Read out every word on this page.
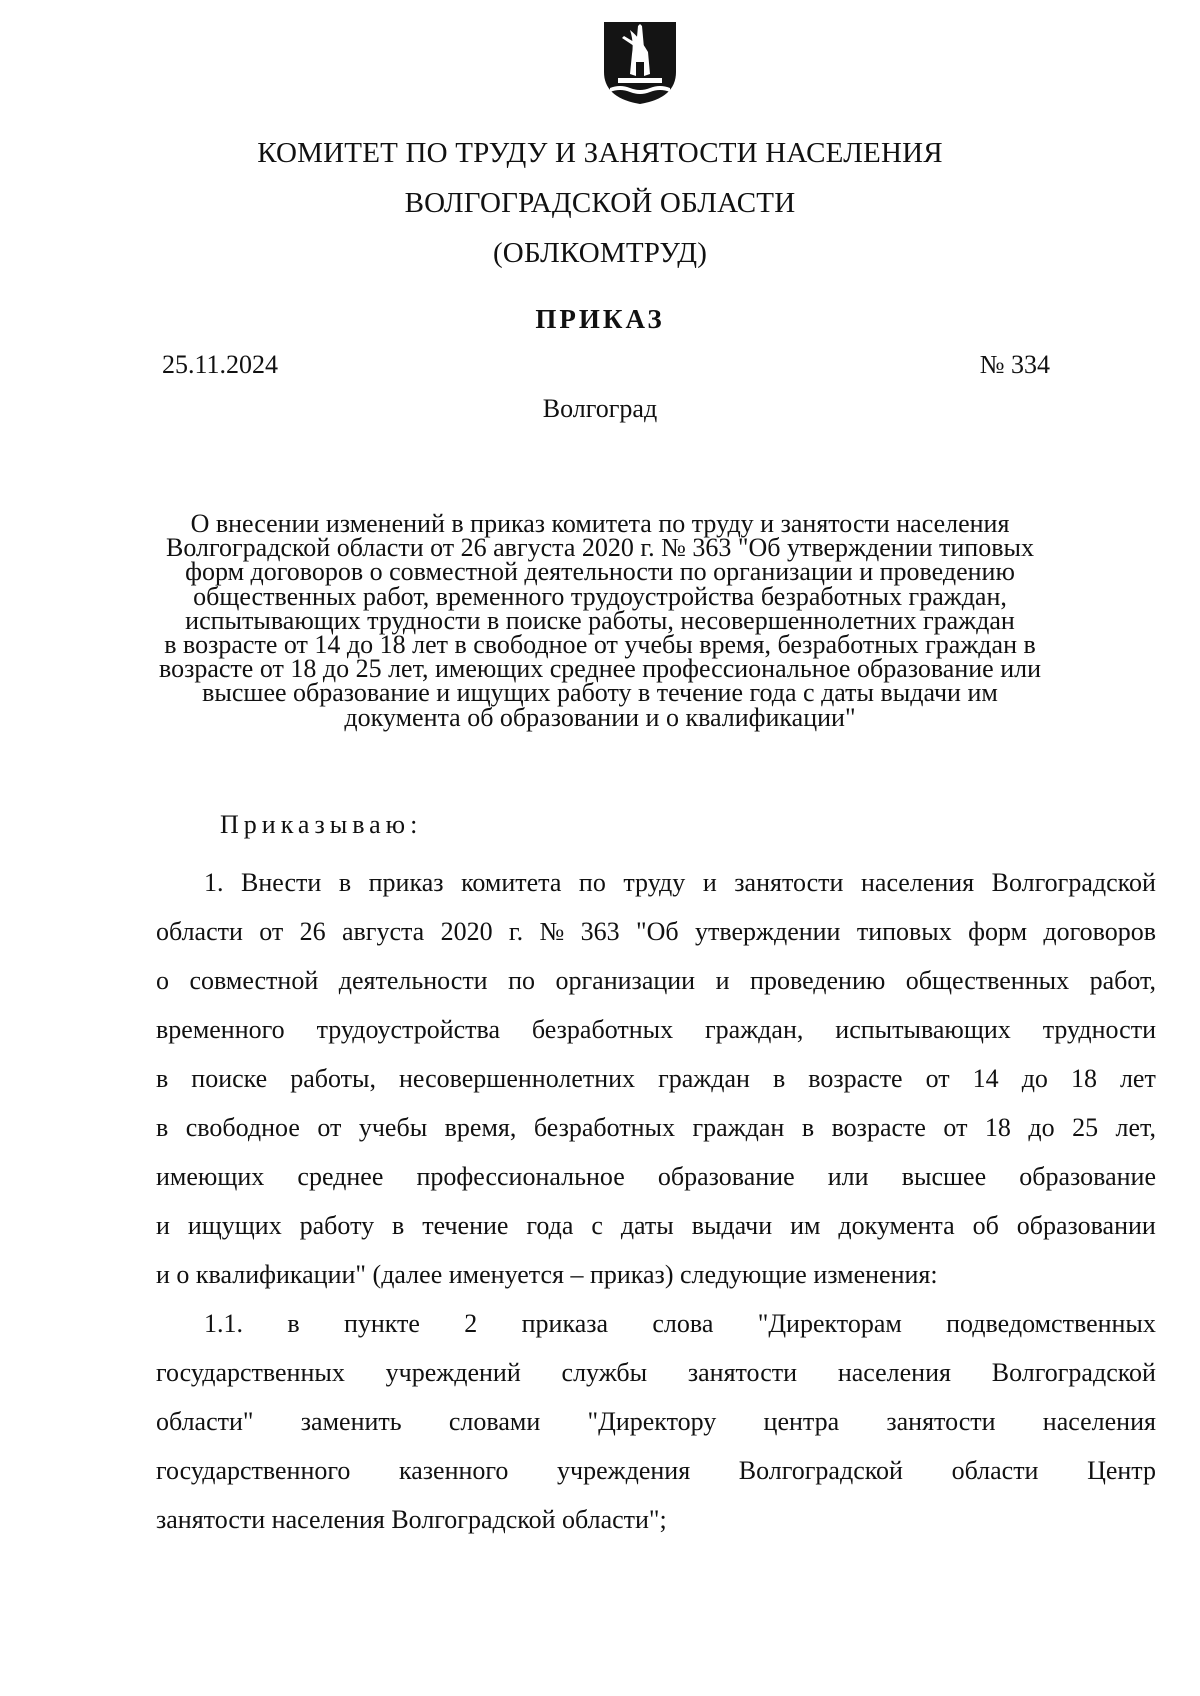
КОМИТЕТ ПО ТРУДУ И ЗАНЯТОСТИ НАСЕЛЕНИЯ
ВОЛГОГРАДСКОЙ ОБЛАСТИ
(ОБЛКОМТРУД)
ПРИКАЗ
25.11.2024	№ 334
Волгоград
О внесении изменений в приказ комитета по труду и занятости населения
Волгоградской области от 26 августа 2020 г. № 363 "Об утверждении типовых
форм договоров о совместной деятельности по организации и проведению
общественных работ, временного трудоустройства безработных граждан,
испытывающих трудности в поиске работы, несовершеннолетних граждан
в возрасте от 14 до 18 лет в свободное от учебы время, безработных граждан в
возрасте от 18 до 25 лет, имеющих среднее профессиональное образование или
высшее образование и ищущих работу в течение года с даты выдачи им
документа об образовании и о квалификации"
Приказываю:
1. Внести в приказ комитета по труду и занятости населения Волгоградской
области от 26 августа 2020 г. № 363 "Об утверждении типовых форм договоров
о совместной деятельности по организации и проведению общественных работ,
временного трудоустройства безработных граждан, испытывающих трудности
в поиске работы, несовершеннолетних граждан в возрасте от 14 до 18 лет
в свободное от учебы время, безработных граждан в возрасте от 18 до 25 лет,
имеющих среднее профессиональное образование или высшее образование
и ищущих работу в течение года с даты выдачи им документа об образовании
и о квалификации" (далее именуется – приказ) следующие изменения:
1.1. в пункте 2 приказа слова "Директорам подведомственных
государственных учреждений службы занятости населения Волгоградской
области" заменить словами "Директору центра занятости населения
государственного казенного учреждения Волгоградской области Центр
занятости населения Волгоградской области";
